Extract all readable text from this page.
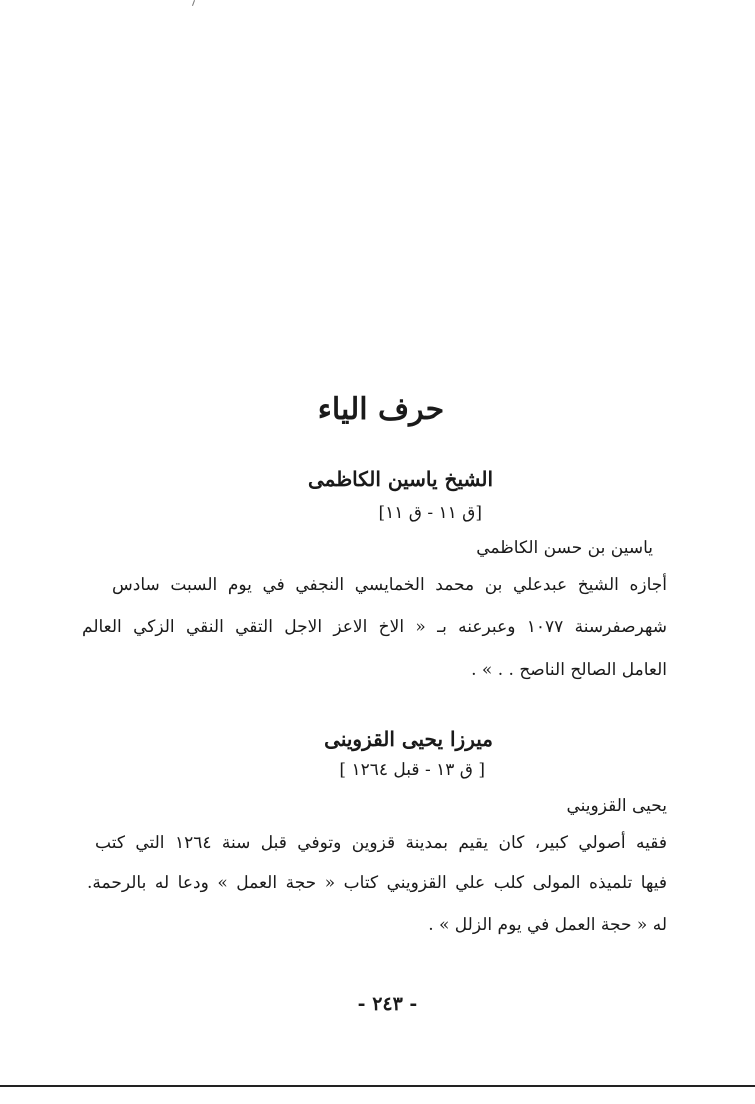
حرف الياء
الشيخ ياسين الكاظمى
[ق ١١ - ق ١١]
ياسين بن حسن الكاظمي
أجازه الشيخ عبدعلي بن محمد الخمايسي النجفي في يوم السبت سادس
شهرصفرسنة ١٠٧٧ وعبرعنه بـ « الاخ الاعز الاجل التقي النقي الزكي العالم
العامل الصالح الناصح . . » .
ميرزا يحيى القزوينى
[ ق ١٣ - قبل ١٢٦٤ ]
يحيى القزويني
فقيه أصولي كبير، كان يقيم بمدينة قزوين وتوفي قبل سنة ١٢٦٤ التي كتب
فيها تلميذه المولى كلب علي القزويني كتاب « حجة العمل » ودعا له بالرحمة.
له « حجة العمل في يوم الزلل » .
- ٢٤٣ -
